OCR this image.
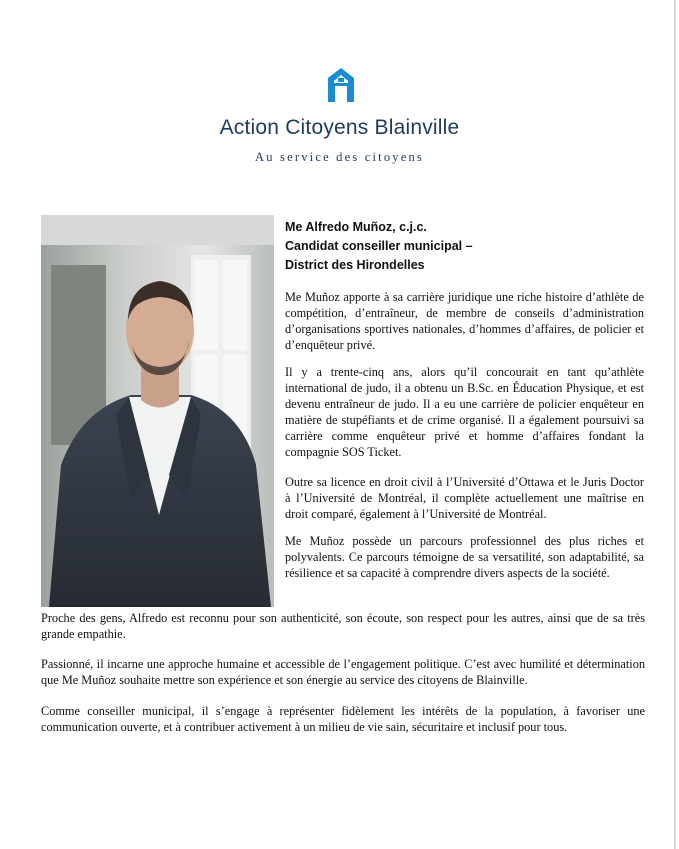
Action Citoyens Blainville
Au service des citoyens
Me Alfredo Muñoz, c.j.c.
Candidat conseiller municipal –
District des Hirondelles

Me Muñoz apporte à sa carrière juridique une riche histoire d’athlète de compétition, d’entraîneur, de membre de conseils d’administration d’organisations sportives nationales, d’hommes d’affaires, de policier et d’enquêteur privé.

Il y a trente-cinq ans, alors qu’il concourait en tant qu’athlète international de judo, il a obtenu un B.Sc. en Éducation Physique, et est devenu entraîneur de judo. Il a eu une carrière de policier enquêteur en matière de stupéfiants et de crime organisé. Il a également poursuivi sa carrière comme enquêteur privé et homme d’affaires fondant la compagnie SOS Ticket.

Outre sa licence en droit civil à l’Université d’Ottawa et le Juris Doctor à l’Université de Montréal, il complète actuellement une maîtrise en droit comparé, également à l’Université de Montréal.

Me Muñoz possède un parcours professionnel des plus riches et polyvalents. Ce parcours témoigne de sa versatilité, son adaptabilité, sa résilience et sa capacité à comprendre divers aspects de la société.

Proche des gens, Alfredo est reconnu pour son authenticité, son écoute, son respect pour les autres, ainsi que de sa très grande empathie.

Passionné, il incarne une approche humaine et accessible de l’engagement politique. C’est avec humilité et détermination que Me Muñoz souhaite mettre son expérience et son énergie au service des citoyens de Blainville.

Comme conseiller municipal, il s’engage à représenter fidèlement les intérêts de la population, à favoriser une communication ouverte, et à contribuer activement à un milieu de vie sain, sécuritaire et inclusif pour tous.
